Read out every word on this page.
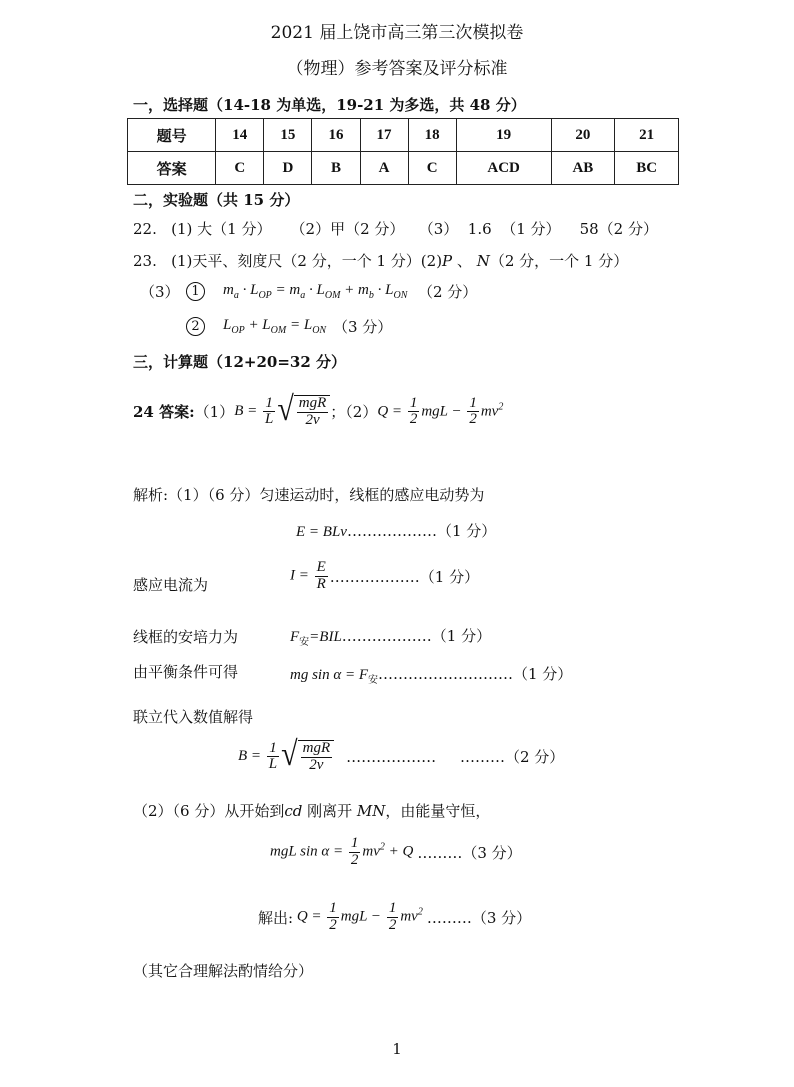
2021 届上饶市高三第三次模拟卷
（物理）参考答案及评分标准
一，选择题（14-18 为单选，19-21 为多选，共 48 分）
题号	14	15	16	17	18	19	20	21
答案	C	D	B	A	C	ACD	AB	BC
二，实验题（共 15 分）
22.   (1) 大（1 分）    （2）甲（2 分）   （3）  1.6  （1 分）    58（2 分）
23.   (1)天平、刻度尺（2 分，一个 1 分）(2)P 、 N（2 分，一个 1 分）
（3） 1	$m_a \cdot L_{OP} = m_a \cdot L_{OM} + m_b \cdot L_{ON}$ （2 分）
2	$L_{OP} + L_{OM} = L_{ON}$ （3 分）
三，计算题（12+20=32 分）
24 答案: （1） $B = \frac{1}{L}$ √ $\frac{\text{mgR}}{2v}$ ；（2） $Q = \frac{1}{2}$ mgL − $\frac{1}{2} mv^2$
解析:（1）（6 分）匀速运动时，线框的感应电动势为
E = BLv………………（1 分）
感应电流为
$I = \frac{E}{R}$ ………………（1 分）
线框的安培力为	$F_安=BIL\dots\dots\dots\dots\dots\dots(1$ 分）
由平衡条件可得	mg $\sin \alpha = F_安\dots\dots\dots\dots\dots\dots\dots\dots\dots(1$ 分）
联立代入数值解得
$B = \frac{1}{L}$ √ $\frac{\text{mgR}}{2v}$ ………………     ………（2 分）
（2）（6 分）从开始到cd 刚离开 MN，由能量守恒，
mgL $\sin \alpha = \frac{1}{2} mv^2 + Q$ ………（3 分）
解出: $Q = \frac{1}{2}$ mgL − $\frac{1}{2} mv^2$ ………（3 分）
（其它合理解法酌情给分）
1
